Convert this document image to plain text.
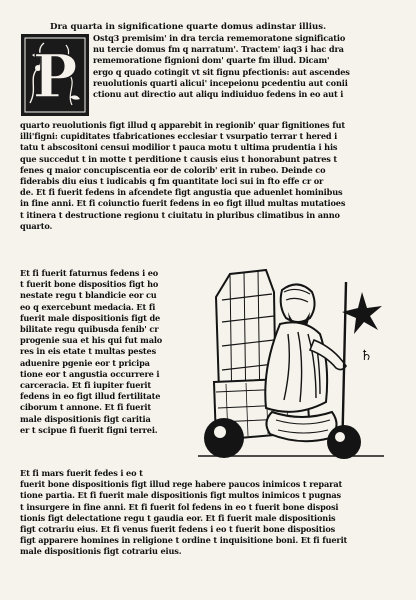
Dra quarta in significatione quarte domus adinstar illius.
P
Ostq3 premisim' in dra tercia rememoratone significatio
nu tercie domus fm q narratum'. Tractem' iaq3 i hac dra
rememoratione fignioni dom' quarte fm illud. Dicam'
ergo q quado cotingit vt sit fignu pfectionis: aut ascendes
reuolutionis quarti alicui' incepeionu pcedentiu aut conii
ctionu aut directio aut aliqu indiuiduo fedens in eo aut i
quarto reuolutionis figt illud q apparebit in regionib' quar fignitiones fut
illi'figni: cupiditates tfabricationes ecclesiar t vsurpatio terrar t hered i
tatu t abscositoni censui modilior t pauca motu t ultima prudentia i his
que succedut t in motte t perditione t causis eius t honorabunt patres t
fenes q maior concupiscentia eor de colorib' erit in rubeo. Deinde co
fiderabis diu eius t iudicabis q fm quantitate loci sui in fto effe cr or
de. Et fi fuerit fedens in afcendete figt angustia que aduenlet hominibus
in fine anni. Et fi coiunctio fuerit fedens in eo figt illud multas mutatioes
t itinera t destructione regionu t ciuitatu in pluribus climatibus in anno
quarto.
Et fi fuerit faturnus fedens i eo
t fuerit bone dispositios figt ho
nestate regu t blandicie eor cu
eo q exercebunt medacia. Et fi
fuerit male dispositionis figt de
bilitate regu quibusda fenib' cr
progenie sua et his qui fut malo
res in eis etate t multas pestes
aduenire pgenie eor t pricipa
tione eor t angustia occurrere i
carceracia. Et fi iupiter fuerit
fedens in eo figt illud fertilitate
ciborum t annone. Et fi fuerit
male dispositionis figt caritia
er t scipue fi fuerit figni terrei.
♄
Et fi mars fuerit fedes i eo t
fuerit bone dispositionis figt illud rege habere paucos inimicos t reparat
tione partia. Et fi fuerit male dispositionis figt multos inimicos t pugnas
t insurgere in fine anni. Et fi fuerit fol fedens in eo t fuerit bone disposi
tionis figt delectatione regu t gaudia eor. Et fi fuerit male dispositionis
figt cotrariu eius. Et fi venus fuerit fedens i eo t fuerit bone dispositios
figt apparere homines in religione t ordine t inquisitione boni. Et fi fuerit
male dispositionis figt cotrariu eius.
